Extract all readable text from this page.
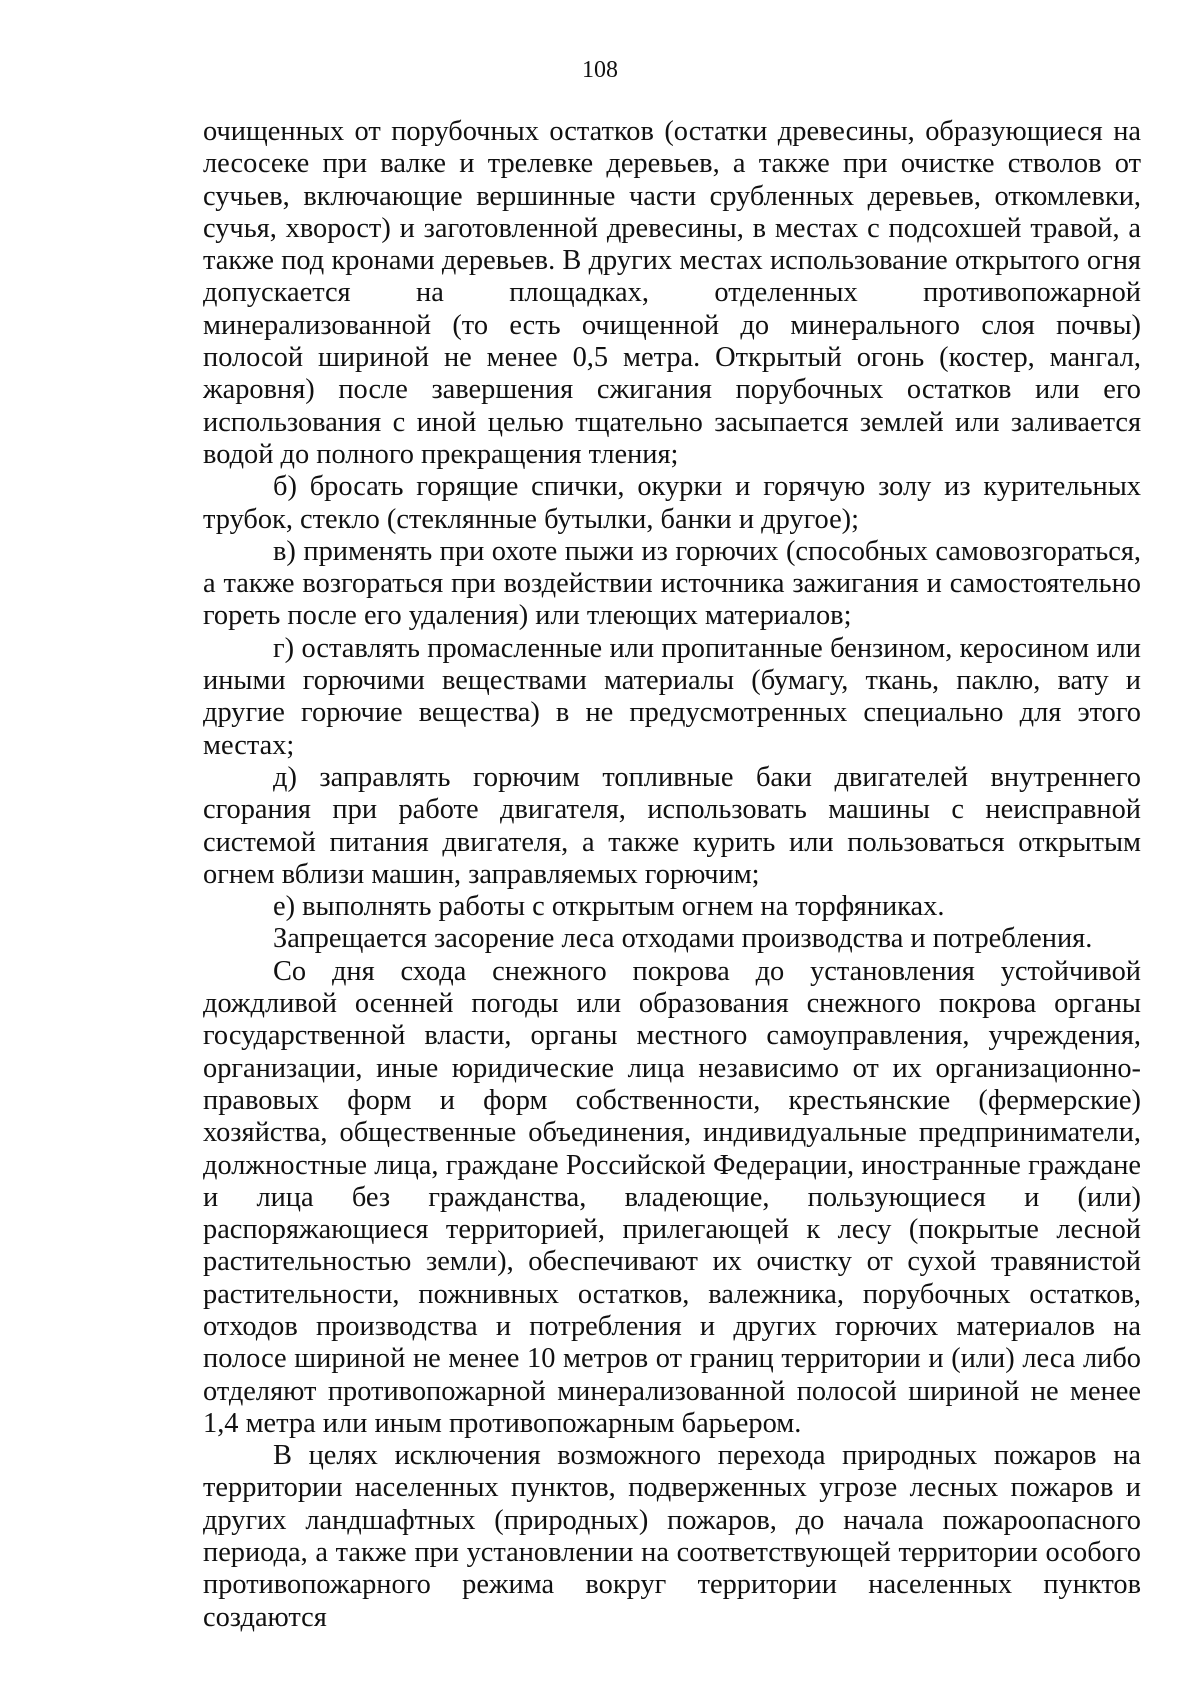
108

очищенных от порубочных остатков (остатки древесины, образующиеся на лесосеке при валке и трелевке деревьев, а также при очистке стволов от сучьев, включающие вершинные части срубленных деревьев, откомлевки, сучья, хворост) и заготовленной древесины, в местах с подсохшей травой, а также под кронами деревьев. В других местах использование открытого огня допускается на площадках, отделенных противопожарной минерализованной (то есть очищенной до минерального слоя почвы) полосой шириной не менее 0,5 метра. Открытый огонь (костер, мангал, жаровня) после завершения сжигания порубочных остатков или его использования с иной целью тщательно засыпается землей или заливается водой до полного прекращения тления;

б) бросать горящие спички, окурки и горячую золу из курительных трубок, стекло (стеклянные бутылки, банки и другое);

в) применять при охоте пыжи из горючих (способных самовозгораться, а также возгораться при воздействии источника зажигания и самостоятельно гореть после его удаления) или тлеющих материалов;

г) оставлять промасленные или пропитанные бензином, керосином или иными горючими веществами материалы (бумагу, ткань, паклю, вату и другие горючие вещества) в не предусмотренных специально для этого местах;

д) заправлять горючим топливные баки двигателей внутреннего сгорания при работе двигателя, использовать машины с неисправной системой питания двигателя, а также курить или пользоваться открытым огнем вблизи машин, заправляемых горючим;

е) выполнять работы с открытым огнем на торфяниках.

Запрещается засорение леса отходами производства и потребления.

Со дня схода снежного покрова до установления устойчивой дождливой осенней погоды или образования снежного покрова органы государственной власти, органы местного самоуправления, учреждения, организации, иные юридические лица независимо от их организационно-правовых форм и форм собственности, крестьянские (фермерские) хозяйства, общественные объединения, индивидуальные предприниматели, должностные лица, граждане Российской Федерации, иностранные граждане и лица без гражданства, владеющие, пользующиеся и (или) распоряжающиеся территорией, прилегающей к лесу (покрытые лесной растительностью земли), обеспечивают их очистку от сухой травянистой растительности, пожнивных остатков, валежника, порубочных остатков, отходов производства и потребления и других горючих материалов на полосе шириной не менее 10 метров от границ территории и (или) леса либо отделяют противопожарной минерализованной полосой шириной не менее 1,4 метра или иным противопожарным барьером.

В целях исключения возможного перехода природных пожаров на территории населенных пунктов, подверженных угрозе лесных пожаров и других ландшафтных (природных) пожаров, до начала пожароопасного периода, а также при установлении на соответствующей территории особого противопожарного режима вокруг территории населенных пунктов создаются
